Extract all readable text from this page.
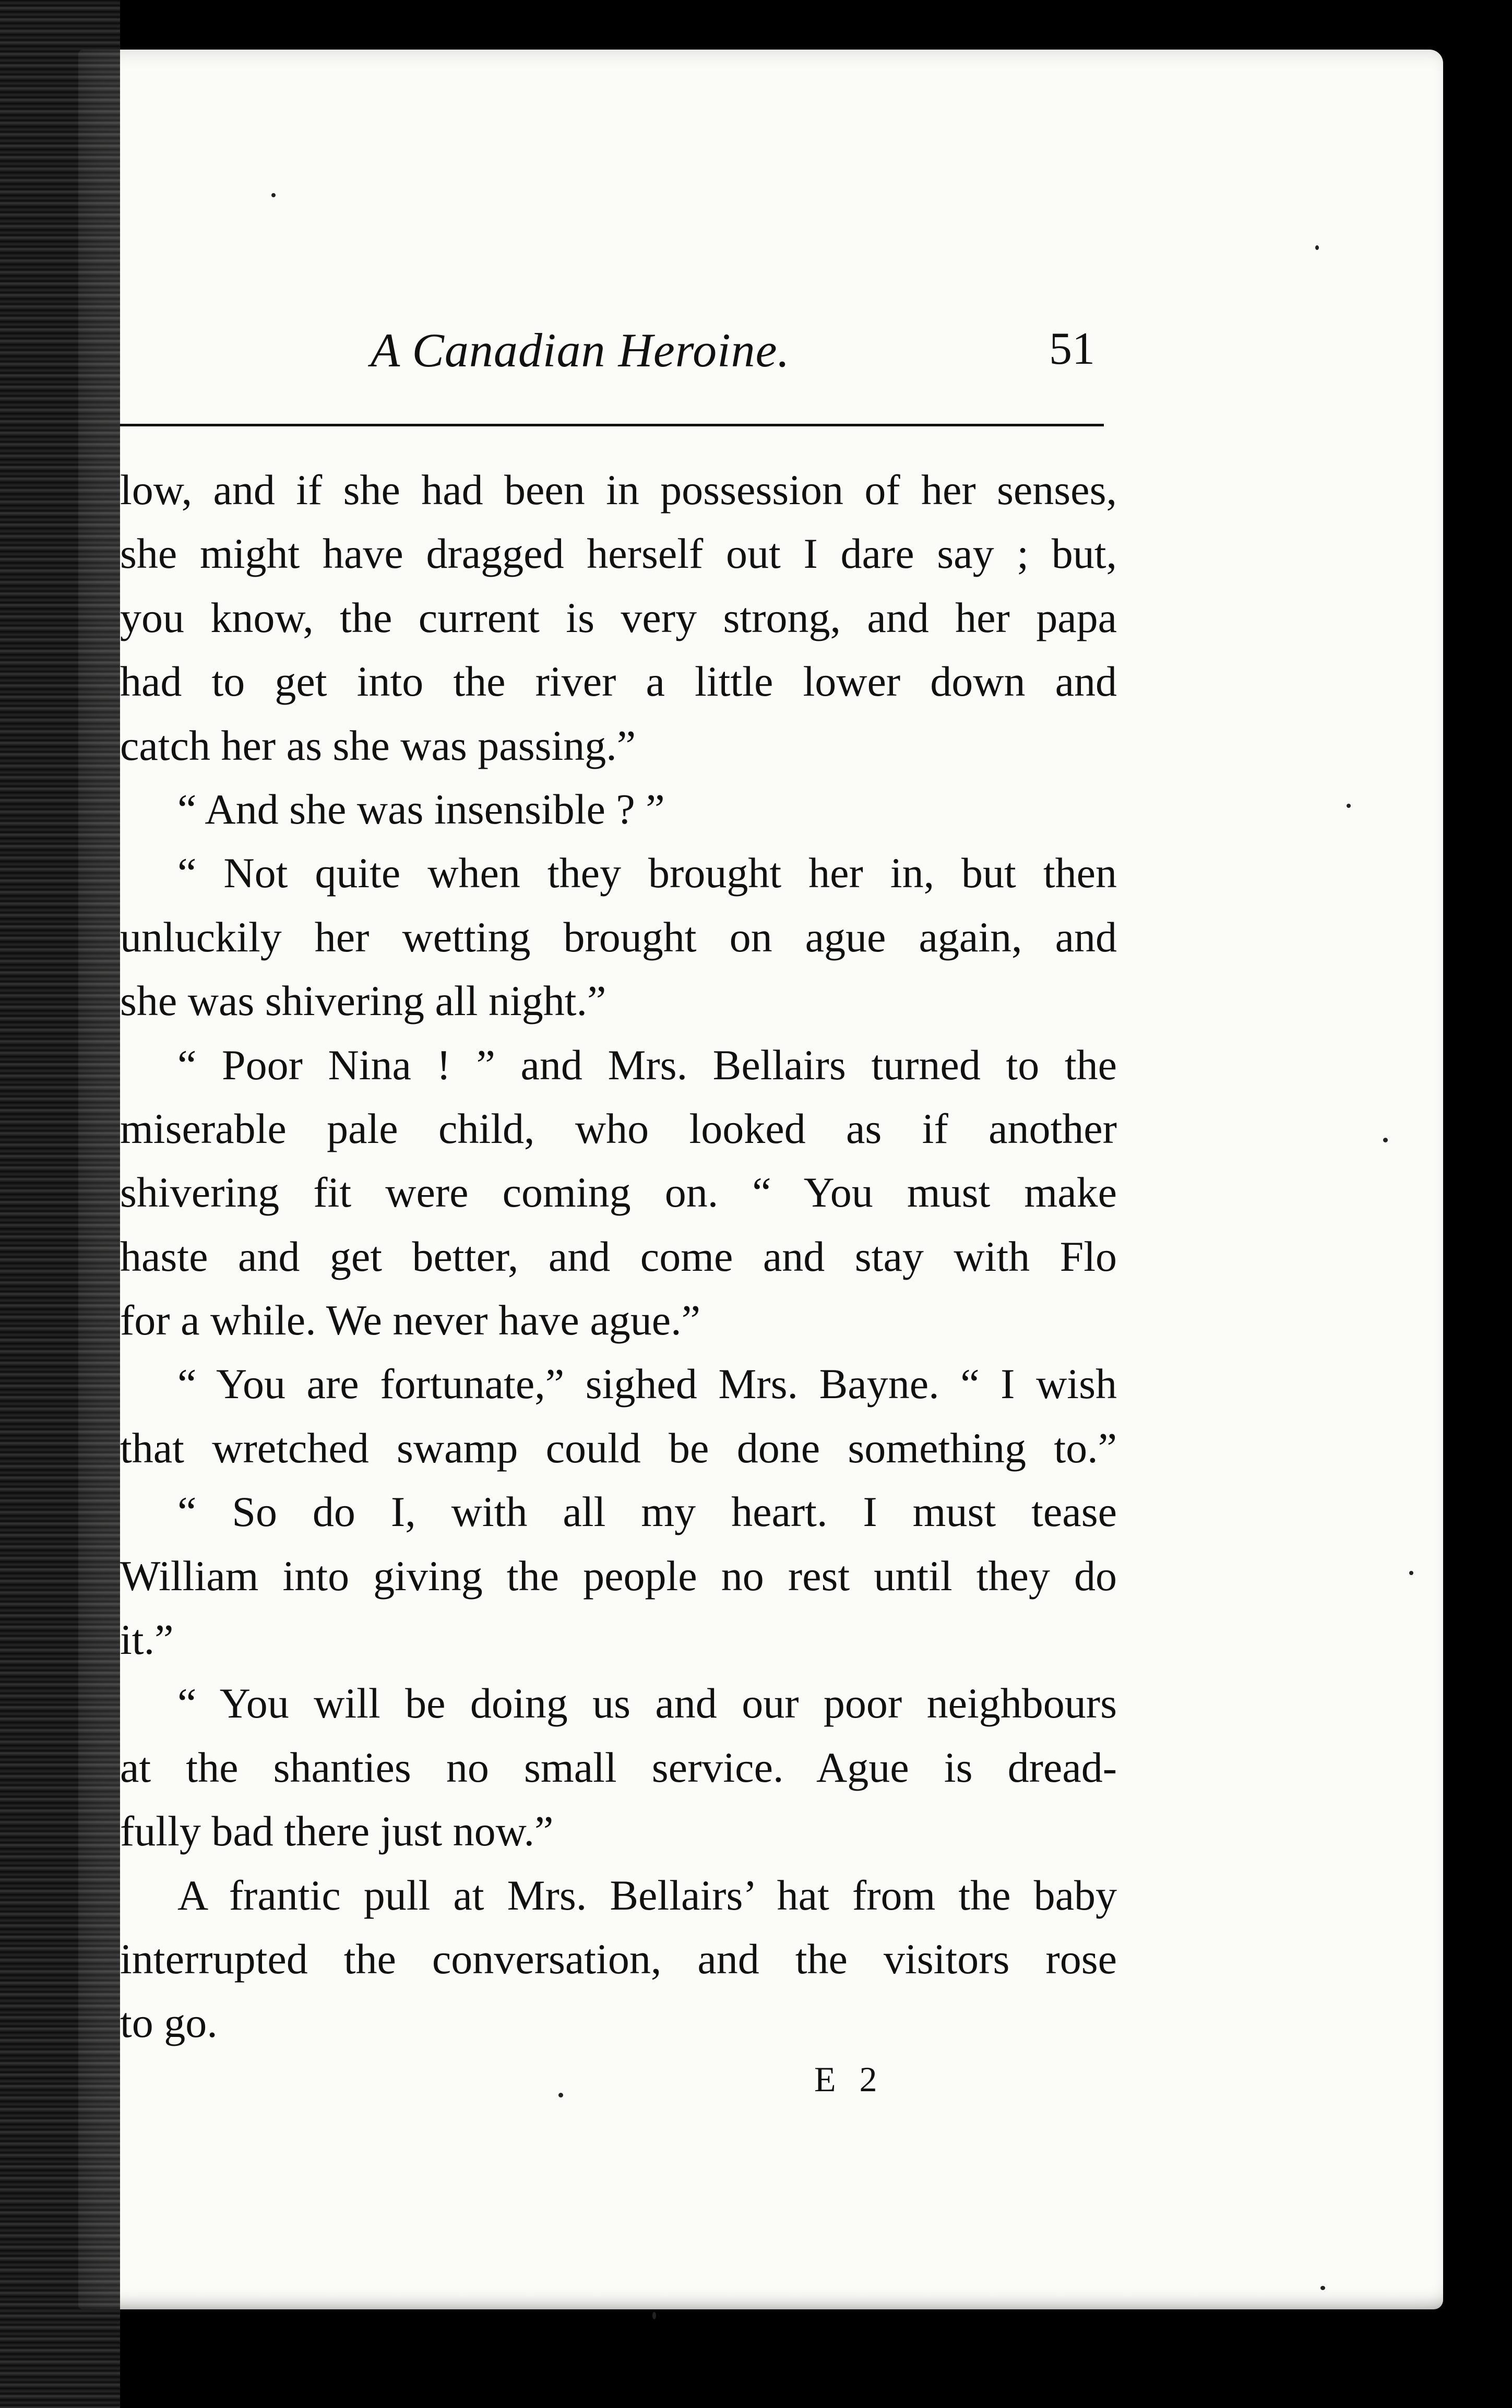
A Canadian Heroine.	51
low, and if she had been in possession of her senses,
she might have dragged herself out I dare say ; but,
you know, the current is very strong, and her papa
had to get into the river a little lower down and
catch her as she was passing.”
“ And she was insensible ? ”
“ Not quite when they brought her in, but then
unluckily her wetting brought on ague again, and
she was shivering all night.”
“ Poor Nina ! ” and Mrs. Bellairs turned to the
miserable pale child, who looked as if another
shivering fit were coming on. “ You must make
haste and get better, and come and stay with Flo
for a while. We never have ague.”
“ You are fortunate,” sighed Mrs. Bayne. “ I wish
that wretched swamp could be done something to.”
“ So do I, with all my heart. I must tease
William into giving the people no rest until they do
it.”
“ You will be doing us and our poor neighbours
at the shanties no small service. Ague is dread-
fully bad there just now.”
A frantic pull at Mrs. Bellairs’ hat from the baby
interrupted the conversation, and the visitors rose
to go.
E 2
